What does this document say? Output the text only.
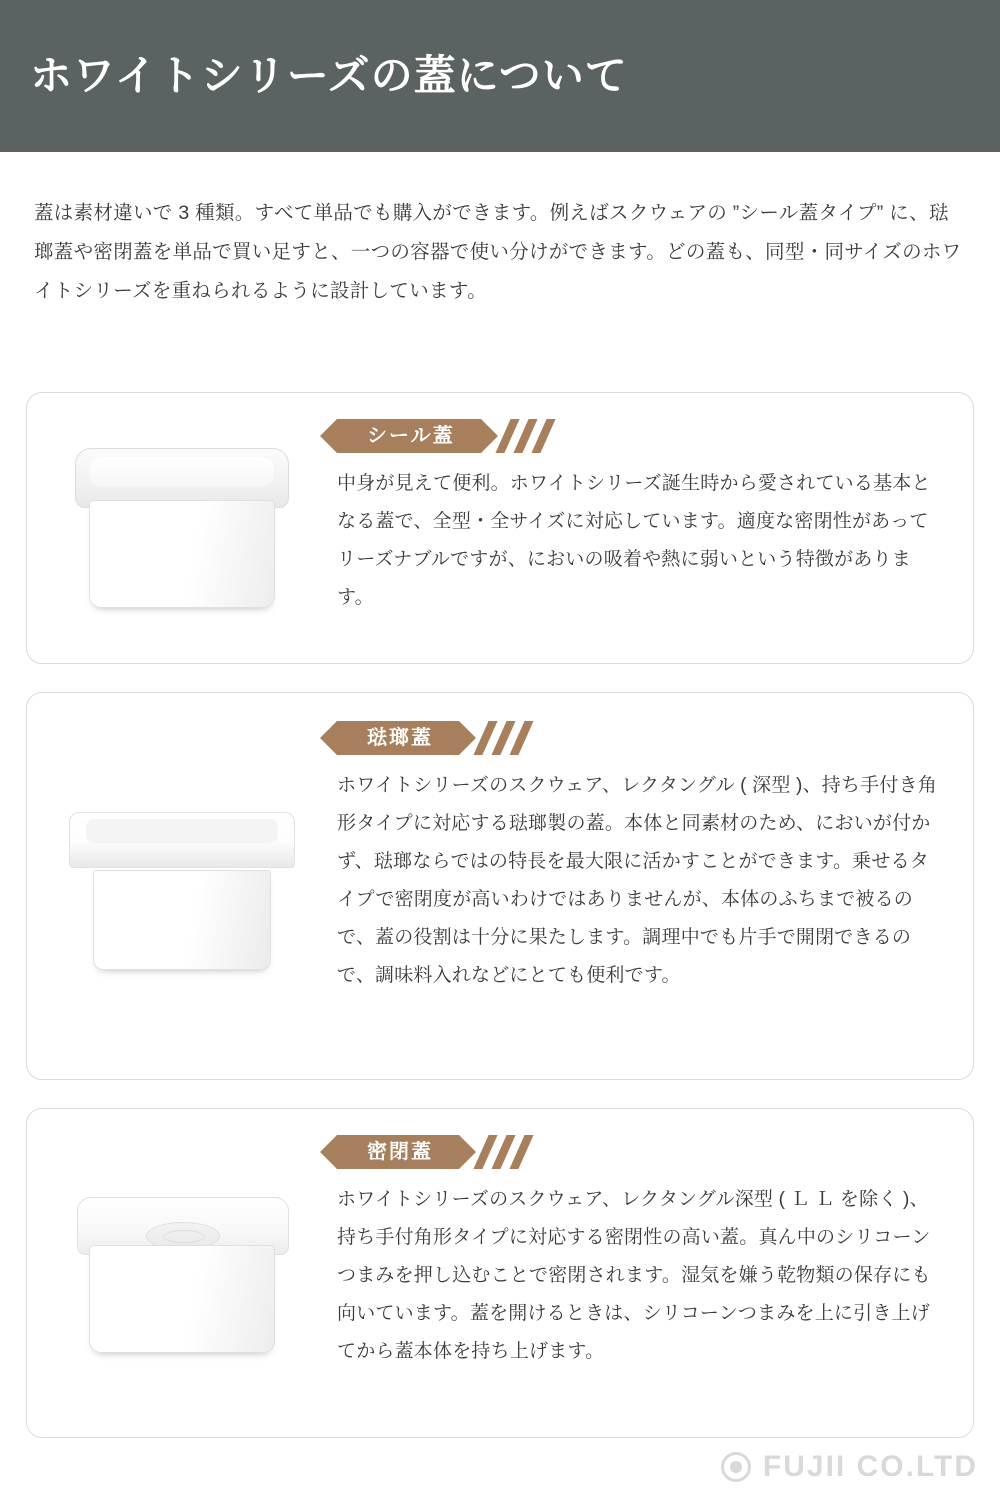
ホワイトシリーズの蓋について
蓋は素材違いで 3 種類。すべて単品でも購入ができます。例えばスクウェアの ”シール蓋タイプ” に、琺瑯蓋や密閉蓋を単品で買い足すと、一つの容器で使い分けができます。どの蓋も、同型・同サイズのホワイトシリーズを重ねられるように設計しています。
シール蓋
中身が見えて便利。ホワイトシリーズ誕生時から愛されている基本となる蓋で、全型・全サイズに対応しています。適度な密閉性があってリーズナブルですが、においの吸着や熱に弱いという特徴があります。
琺瑯蓋
ホワイトシリーズのスクウェア、レクタングル ( 深型 )、持ち手付き角形タイプに対応する琺瑯製の蓋。本体と同素材のため、においが付かず、琺瑯ならではの特長を最大限に活かすことができます。乗せるタイプで密閉度が高いわけではありませんが、本体のふちまで被るので、蓋の役割は十分に果たします。調理中でも片手で開閉できるので、調味料入れなどにとても便利です。
密閉蓋
ホワイトシリーズのスクウェア、レクタングル深型 ( Ｌ Ｌ を除く )、持ち手付角形タイプに対応する密閉性の高い蓋。真ん中のシリコーンつまみを押し込むことで密閉されます。湿気を嫌う乾物類の保存にも向いています。蓋を開けるときは、シリコーンつまみを上に引き上げてから蓋本体を持ち上げます。
FUJII CO.LTD
